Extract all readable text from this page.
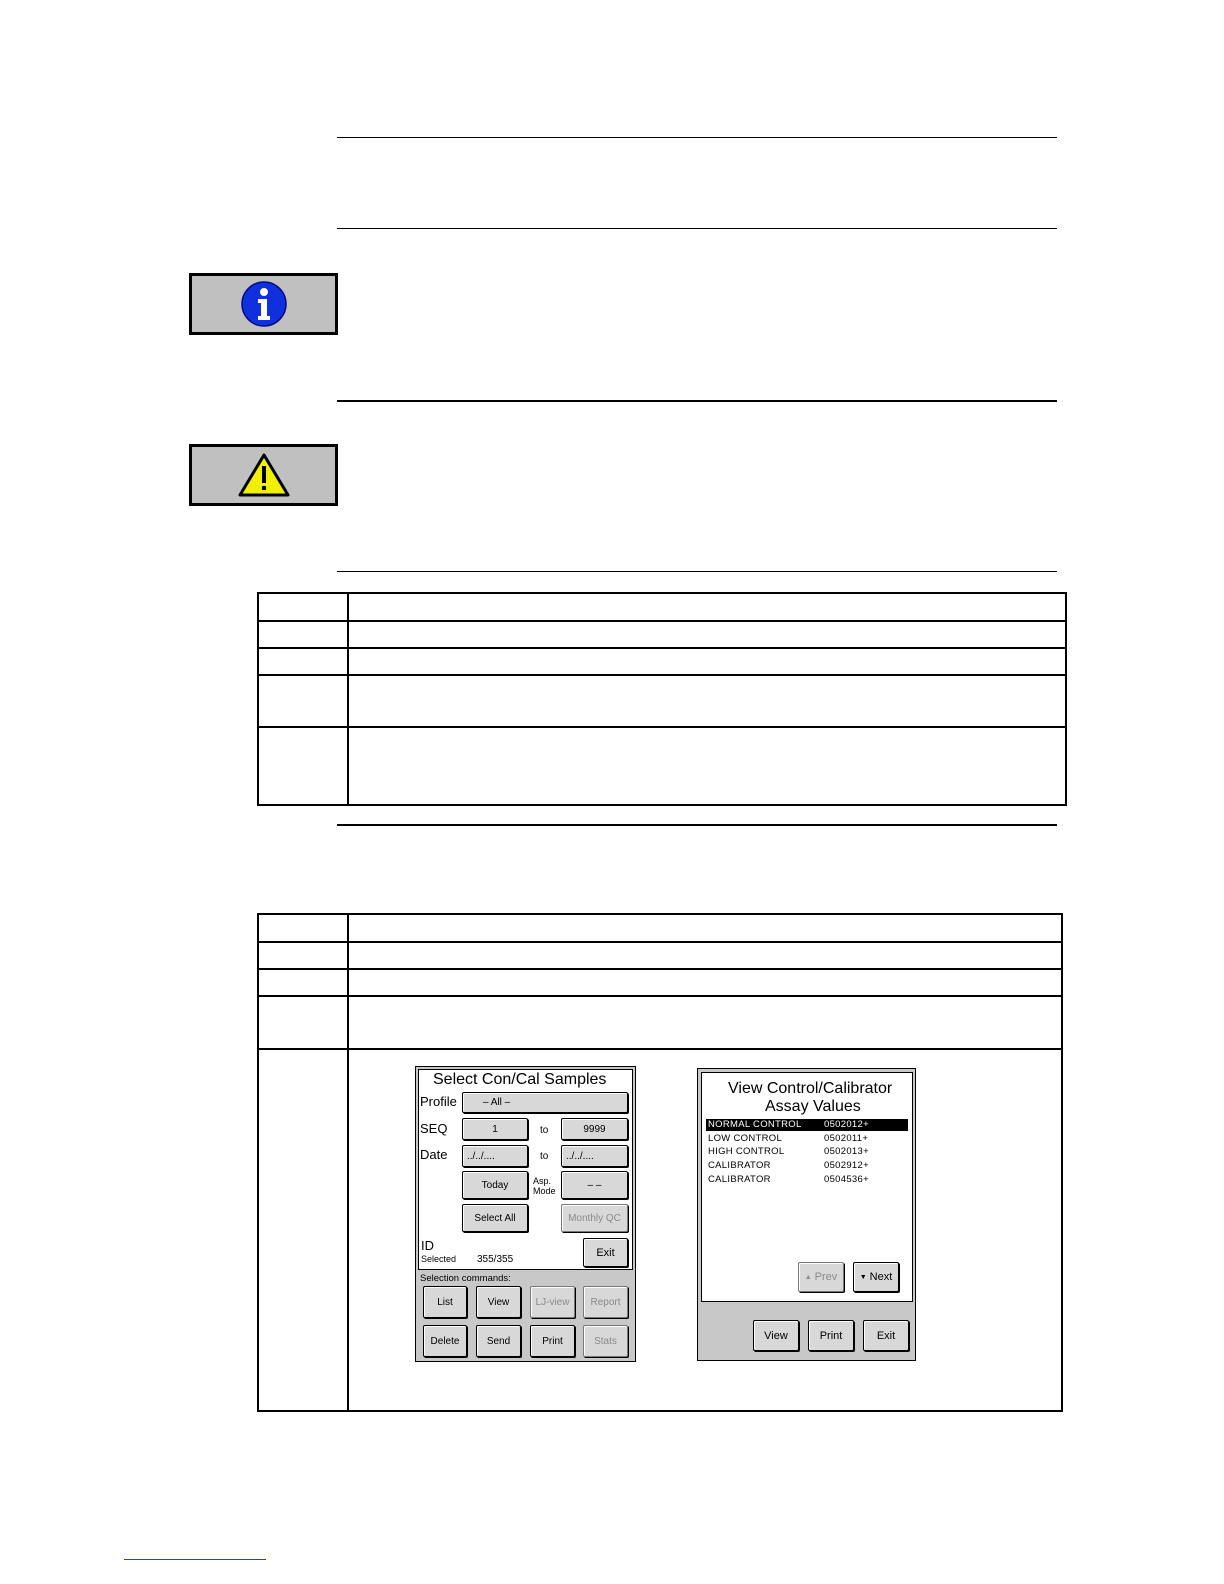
Select Con/Cal Samples
Profile	– All –
SEQ	1	to	9999
Date ../../....	to ../../....
Today	Asp.
Mode
– –
Select All	Monthly QC
ID
Selected 355/355
Exit
Selection commands:
List	View	LJ-view Report
Delete	Send	Print	Stats
View Control/Calibrator
Assay Values
NORMAL CONTROL 0502012+
LOW CONTROL	0502011+
HIGH CONTROL	0502013+
CALIBRATOR	0502912+
CALIBRATOR	0504536+
▲ Prev	▼ Next
View	Print	Exit
